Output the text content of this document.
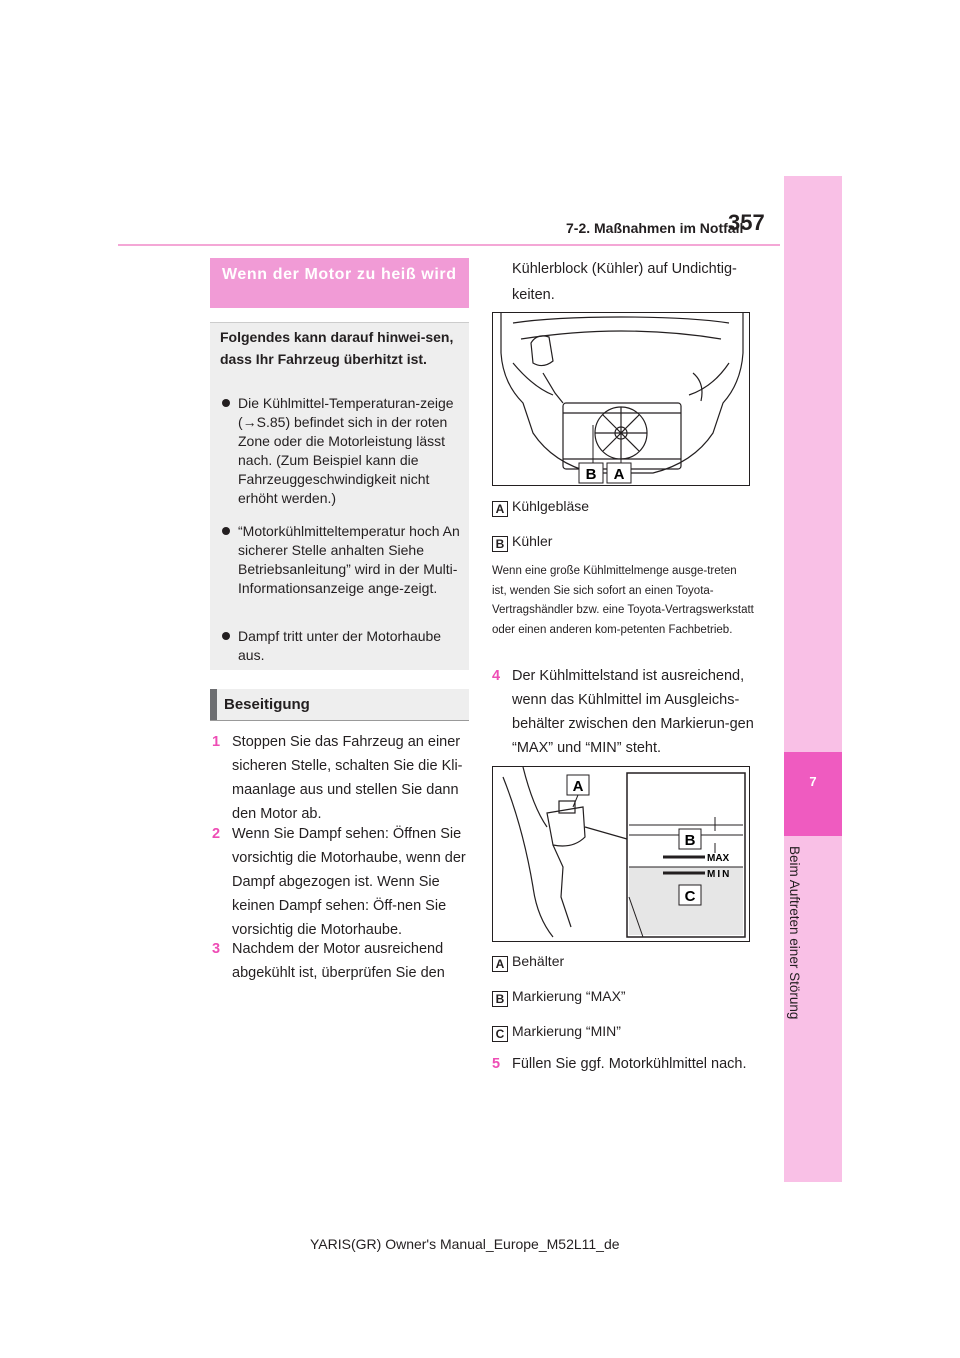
357
7-2. Maßnahmen im Notfall
7
Beim Auftreten einer Störung
Wenn der Motor zu heiß wird
Folgendes kann darauf hinwei-sen, dass Ihr Fahrzeug überhitzt ist.
Die Kühlmittel-Temperaturan-zeige (→S.85) befindet sich in der roten Zone oder die Motorleistung lässt nach. (Zum Beispiel kann die Fahrzeuggeschwindigkeit nicht erhöht werden.)
“Motorkühlmitteltemperatur hoch An sicherer Stelle anhalten Siehe Betriebsanleitung” wird in der Multi-Informationsanzeige ange-zeigt.
Dampf tritt unter der Motorhaube aus.
Beseitigung
1 Stoppen Sie das Fahrzeug an einer sicheren Stelle, schalten Sie die Kli-maanlage aus und stellen Sie dann den Motor ab.
2 Wenn Sie Dampf sehen: Öffnen Sie vorsichtig die Motorhaube, wenn der Dampf abgezogen ist. Wenn Sie keinen Dampf sehen: Öff-nen Sie vorsichtig die Motorhaube.
3 Nachdem der Motor ausreichend abgekühlt ist, überprüfen Sie den
Kühlerblock (Kühler) auf Undichtig-keiten.
B A
A Kühlgebläse
B Kühler
Wenn eine große Kühlmittelmenge ausge-treten ist, wenden Sie sich sofort an einen Toyota-Vertragshändler bzw. eine Toyota-Vertragswerkstatt oder einen anderen kom-petenten Fachbetrieb.
4 Der Kühlmittelstand ist ausreichend, wenn das Kühlmittel im Ausgleichs-behälter zwischen den Markierun-gen “MAX” und “MIN” steht.
MAX
MIN
A
B
C
A Behälter
B Markierung “MAX”
C Markierung “MIN”
5 Füllen Sie ggf. Motorkühlmittel nach.
YARIS(GR) Owner's Manual_Europe_M52L11_de
